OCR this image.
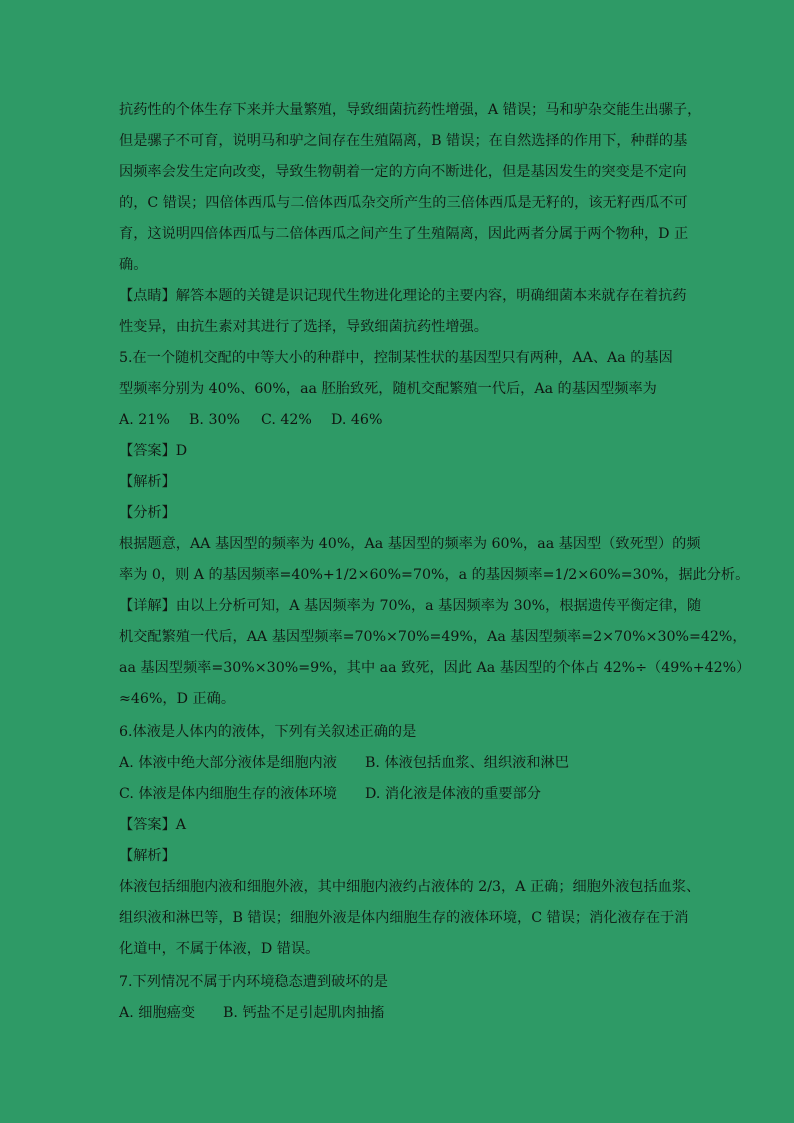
抗药性的个体生存下来并大量繁殖，导致细菌抗药性增强，A 错误；马和驴杂交能生出骡子，
但是骡子不可育，说明马和驴之间存在生殖隔离，B 错误；在自然选择的作用下，种群的基
因频率会发生定向改变，导致生物朝着一定的方向不断进化，但是基因发生的突变是不定向
的，C 错误；四倍体西瓜与二倍体西瓜杂交所产生的三倍体西瓜是无籽的，该无籽西瓜不可
育，这说明四倍体西瓜与二倍体西瓜之间产生了生殖隔离，因此两者分属于两个物种，D 正
确。
【点睛】解答本题的关键是识记现代生物进化理论的主要内容，明确细菌本来就存在着抗药
性变异，由抗生素对其进行了选择，导致细菌抗药性增强。
5.在一个随机交配的中等大小的种群中，控制某性状的基因型只有两种，AA、Aa 的基因
型频率分别为 40%、60%，aa 胚胎致死，随机交配繁殖一代后，Aa 的基因型频率为
A. 21% B. 30% C. 42% D. 46%
【答案】D
【解析】
【分析】
根据题意，AA 基因型的频率为 40%，Aa 基因型的频率为 60%，aa 基因型（致死型）的频
率为 0，则 A 的基因频率=40%+1/2×60%=70%，a 的基因频率=1/2×60%=30%，据此分析。
【详解】由以上分析可知，A 基因频率为 70%，a 基因频率为 30%，根据遗传平衡定律，随
机交配繁殖一代后，AA 基因型频率=70%×70%=49%，Aa 基因型频率=2×70%×30%=42%，
aa 基因型频率=30%×30%=9%，其中 aa 致死，因此 Aa 基因型的个体占 42%÷（49%+42%）
≈46%，D 正确。
6.体液是人体内的液体，下列有关叙述正确的是
A. 体液中绝大部分液体是细胞内液 B. 体液包括血浆、组织液和淋巴
C. 体液是体内细胞生存的液体环境 D. 消化液是体液的重要部分
【答案】A
【解析】
体液包括细胞内液和细胞外液，其中细胞内液约占液体的 2/3，A 正确；细胞外液包括血浆、
组织液和淋巴等，B 错误；细胞外液是体内细胞生存的液体环境，C 错误；消化液存在于消
化道中，不属于体液，D 错误。
7.下列情况不属于内环境稳态遭到破坏的是
A. 细胞癌变 B. 钙盐不足引起肌肉抽搐
